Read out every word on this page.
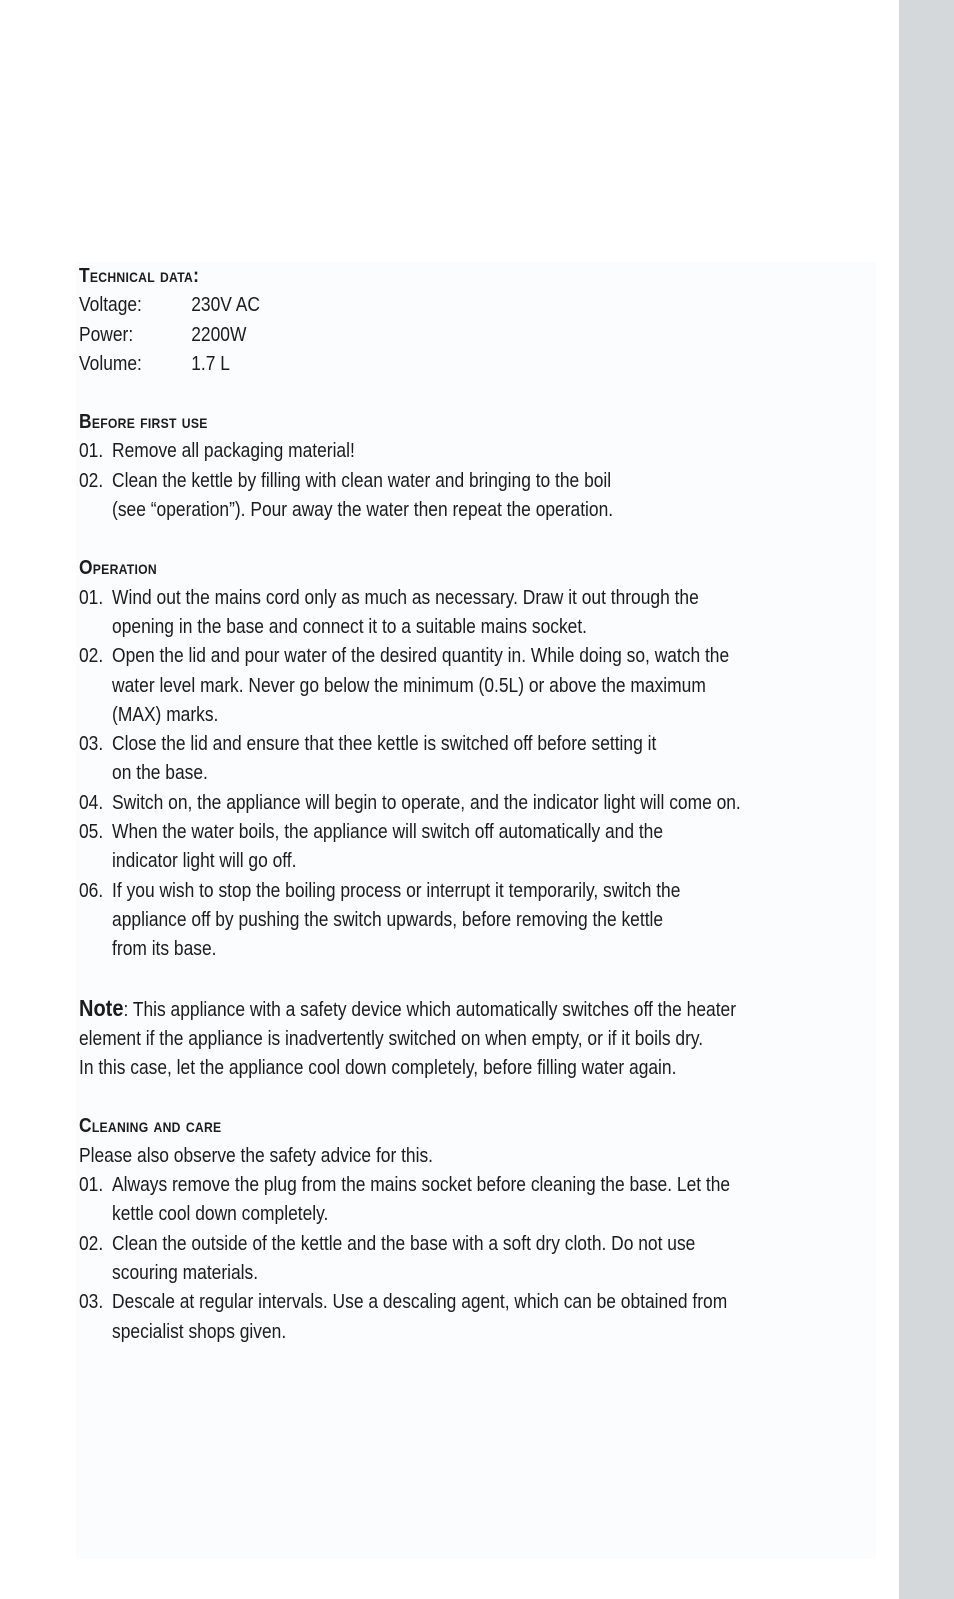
Technical data:
Voltage:	230V AC
Power:	2200W
Volume:	1.7 L
Before first use
01. Remove all packaging material!

02. Clean the kettle by filling with clean water and bringing to the boil

(see “operation”). Pour away the water then repeat the operation.

Operation
01. Wind out the mains cord only as much as necessary. Draw it out through the

opening in the base and connect it to a suitable mains socket.

02. Open the lid and pour water of the desired quantity in. While doing so, watch the

water level mark. Never go below the minimum (0.5L) or above the maximum

(MAX) marks.

03. Close the lid and ensure that thee kettle is switched off before setting it

on the base.

04. Switch on, the appliance will begin to operate, and the indicator light will come on.

05. When the water boils, the appliance will switch off automatically and the

indicator light will go off.

06. If you wish to stop the boiling process or interrupt it temporarily, switch the

appliance off by pushing the switch upwards, before removing the kettle

from its base.

Note: This appliance with a safety device which automatically switches off the heater

element if the appliance is inadvertently switched on when empty, or if it boils dry.

In this case, let the appliance cool down completely, before filling water again.

Cleaning and care

Please also observe the safety advice for this.

01. Always remove the plug from the mains socket before cleaning the base. Let the

kettle cool down completely.

02. Clean the outside of the kettle and the base with a soft dry cloth. Do not use

scouring materials.

03. Descale at regular intervals. Use a descaling agent, which can be obtained from

specialist shops given.
